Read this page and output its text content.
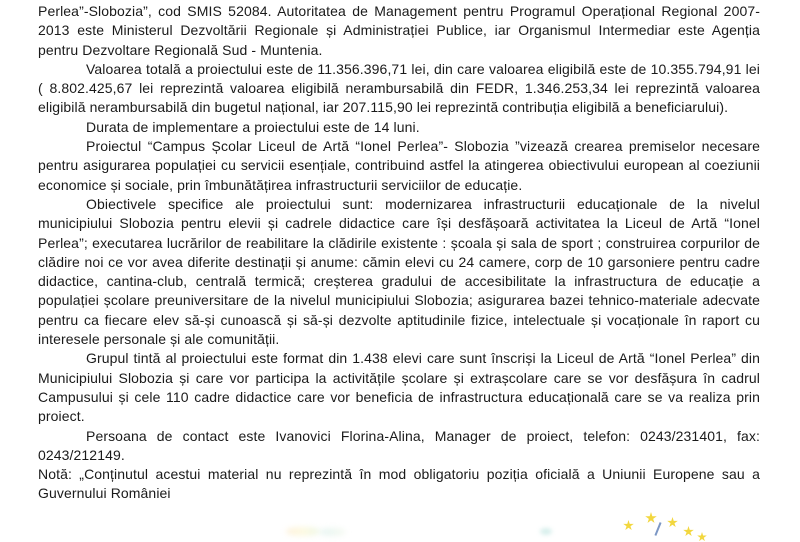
Perlea”-Slobozia”, cod SMIS 52084. Autoritatea de Management pentru Programul Operațional Regional 2007-2013 este Ministerul Dezvoltării Regionale și Administrației Publice, iar Organismul Intermediar este Agenția pentru Dezvoltare Regională Sud - Muntenia.

Valoarea totală a proiectului este de 11.356.396,71 lei, din care valoarea eligibilă este de 10.355.794,91 lei ( 8.802.425,67 lei reprezintă valoarea eligibilă nerambursabilă din FEDR, 1.346.253,34 lei reprezintă valoarea eligibilă nerambursabilă din bugetul național, iar 207.115,90 lei reprezintă contribuția eligibilă a beneficiarului).

Durata de implementare a proiectului este de 14 luni.

Proiectul “Campus Școlar Liceul de Artă “Ionel Perlea”- Slobozia ”vizează crearea premiselor necesare pentru asigurarea populației cu servicii esențiale, contribuind astfel la atingerea obiectivului european al coeziunii economice și sociale, prin îmbunătățirea infrastructurii serviciilor de educație.

Obiectivele specifice ale proiectului sunt: modernizarea infrastructurii educaționale de la nivelul municipiului Slobozia pentru elevii și cadrele didactice care își desfășoară activitatea la Liceul de Artă “Ionel Perlea”; executarea lucrărilor de reabilitare la clădirile existente : școala și sala de sport ; construirea corpurilor de clădire noi ce vor avea diferite destinații și anume: cămin elevi cu 24 camere, corp de 10 garsoniere pentru cadre didactice, cantina-club, centrală termică; creșterea gradului de accesibilitate la infrastructura de educație a populației școlare preuniversitare de la nivelul municipiului Slobozia; asigurarea bazei tehnico-materiale adecvate pentru ca fiecare elev să-și cunoască și să-și dezvolte aptitudinile fizice, intelectuale și vocaționale în raport cu interesele personale și ale comunității.

Grupul tintă al proiectului este format din 1.438 elevi care sunt înscriși la Liceul de Artă “Ionel Perlea” din Municipiului Slobozia și care vor participa la activitățile școlare și extrașcolare care se vor desfășura în cadrul Campusului și cele 110 cadre didactice care vor beneficia de infrastructura educațională care se va realiza prin proiect.

Persoana de contact este Ivanovici Florina-Alina, Manager de proiect, telefon: 0243/231401, fax: 0243/212149.

Notă: „Conținutul acestui material nu reprezintă în mod obligatoriu poziția oficială a Uniunii Europene sau a Guvernului României
